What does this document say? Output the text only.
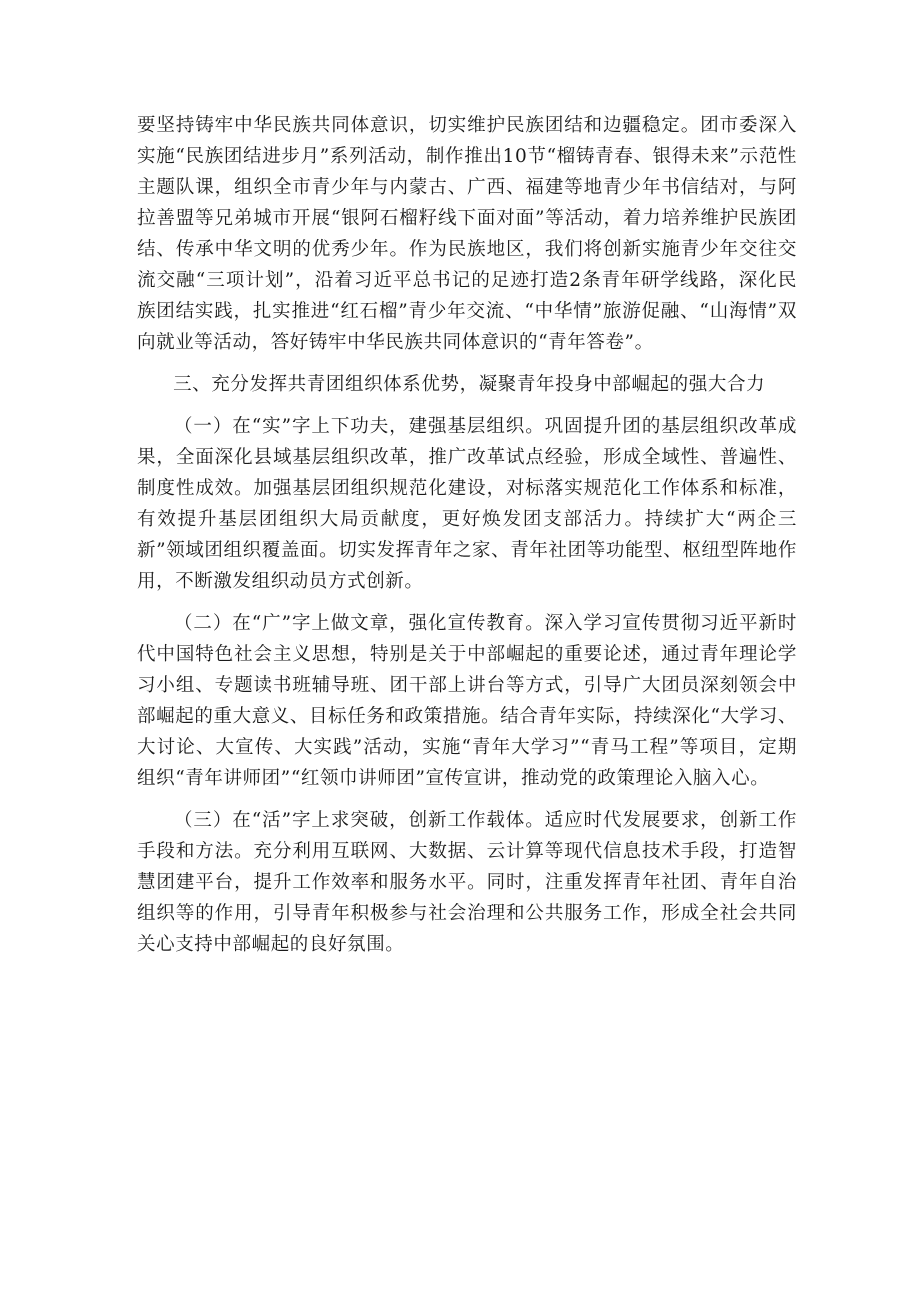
要坚持铸牢中华民族共同体意识，切实维护民族团结和边疆稳定。团市委深入实施“民族团结进步月”系列活动，制作推出10节“榴铸青春、银得未来”示范性主题队课，组织全市青少年与内蒙古、广西、福建等地青少年书信结对，与阿拉善盟等兄弟城市开展“银阿石榴籽线下面对面”等活动，着力培养维护民族团结、传承中华文明的优秀少年。作为民族地区，我们将创新实施青少年交往交流交融“三项计划”，沿着习近平总书记的足迹打造2条青年研学线路，深化民族团结实践，扎实推进“红石榴”青少年交流、“中华情”旅游促融、“山海情”双向就业等活动，答好铸牢中华民族共同体意识的“青年答卷”。

三、充分发挥共青团组织体系优势，凝聚青年投身中部崛起的强大合力

（一）在“实”字上下功夫，建强基层组织。巩固提升团的基层组织改革成果，全面深化县域基层组织改革，推广改革试点经验，形成全域性、普遍性、制度性成效。加强基层团组织规范化建设，对标落实规范化工作体系和标准，有效提升基层团组织大局贡献度，更好焕发团支部活力。持续扩大“两企三新”领域团组织覆盖面。切实发挥青年之家、青年社团等功能型、枢纽型阵地作用，不断激发组织动员方式创新。

（二）在“广”字上做文章，强化宣传教育。深入学习宣传贯彻习近平新时代中国特色社会主义思想，特别是关于中部崛起的重要论述，通过青年理论学习小组、专题读书班辅导班、团干部上讲台等方式，引导广大团员深刻领会中部崛起的重大意义、目标任务和政策措施。结合青年实际，持续深化“大学习、大讨论、大宣传、大实践”活动，实施“青年大学习”“青马工程”等项目，定期组织“青年讲师团”“红领巾讲师团”宣传宣讲，推动党的政策理论入脑入心。

（三）在“活”字上求突破，创新工作载体。适应时代发展要求，创新工作手段和方法。充分利用互联网、大数据、云计算等现代信息技术手段，打造智慧团建平台，提升工作效率和服务水平。同时，注重发挥青年社团、青年自治组织等的作用，引导青年积极参与社会治理和公共服务工作，形成全社会共同关心支持中部崛起的良好氛围。
